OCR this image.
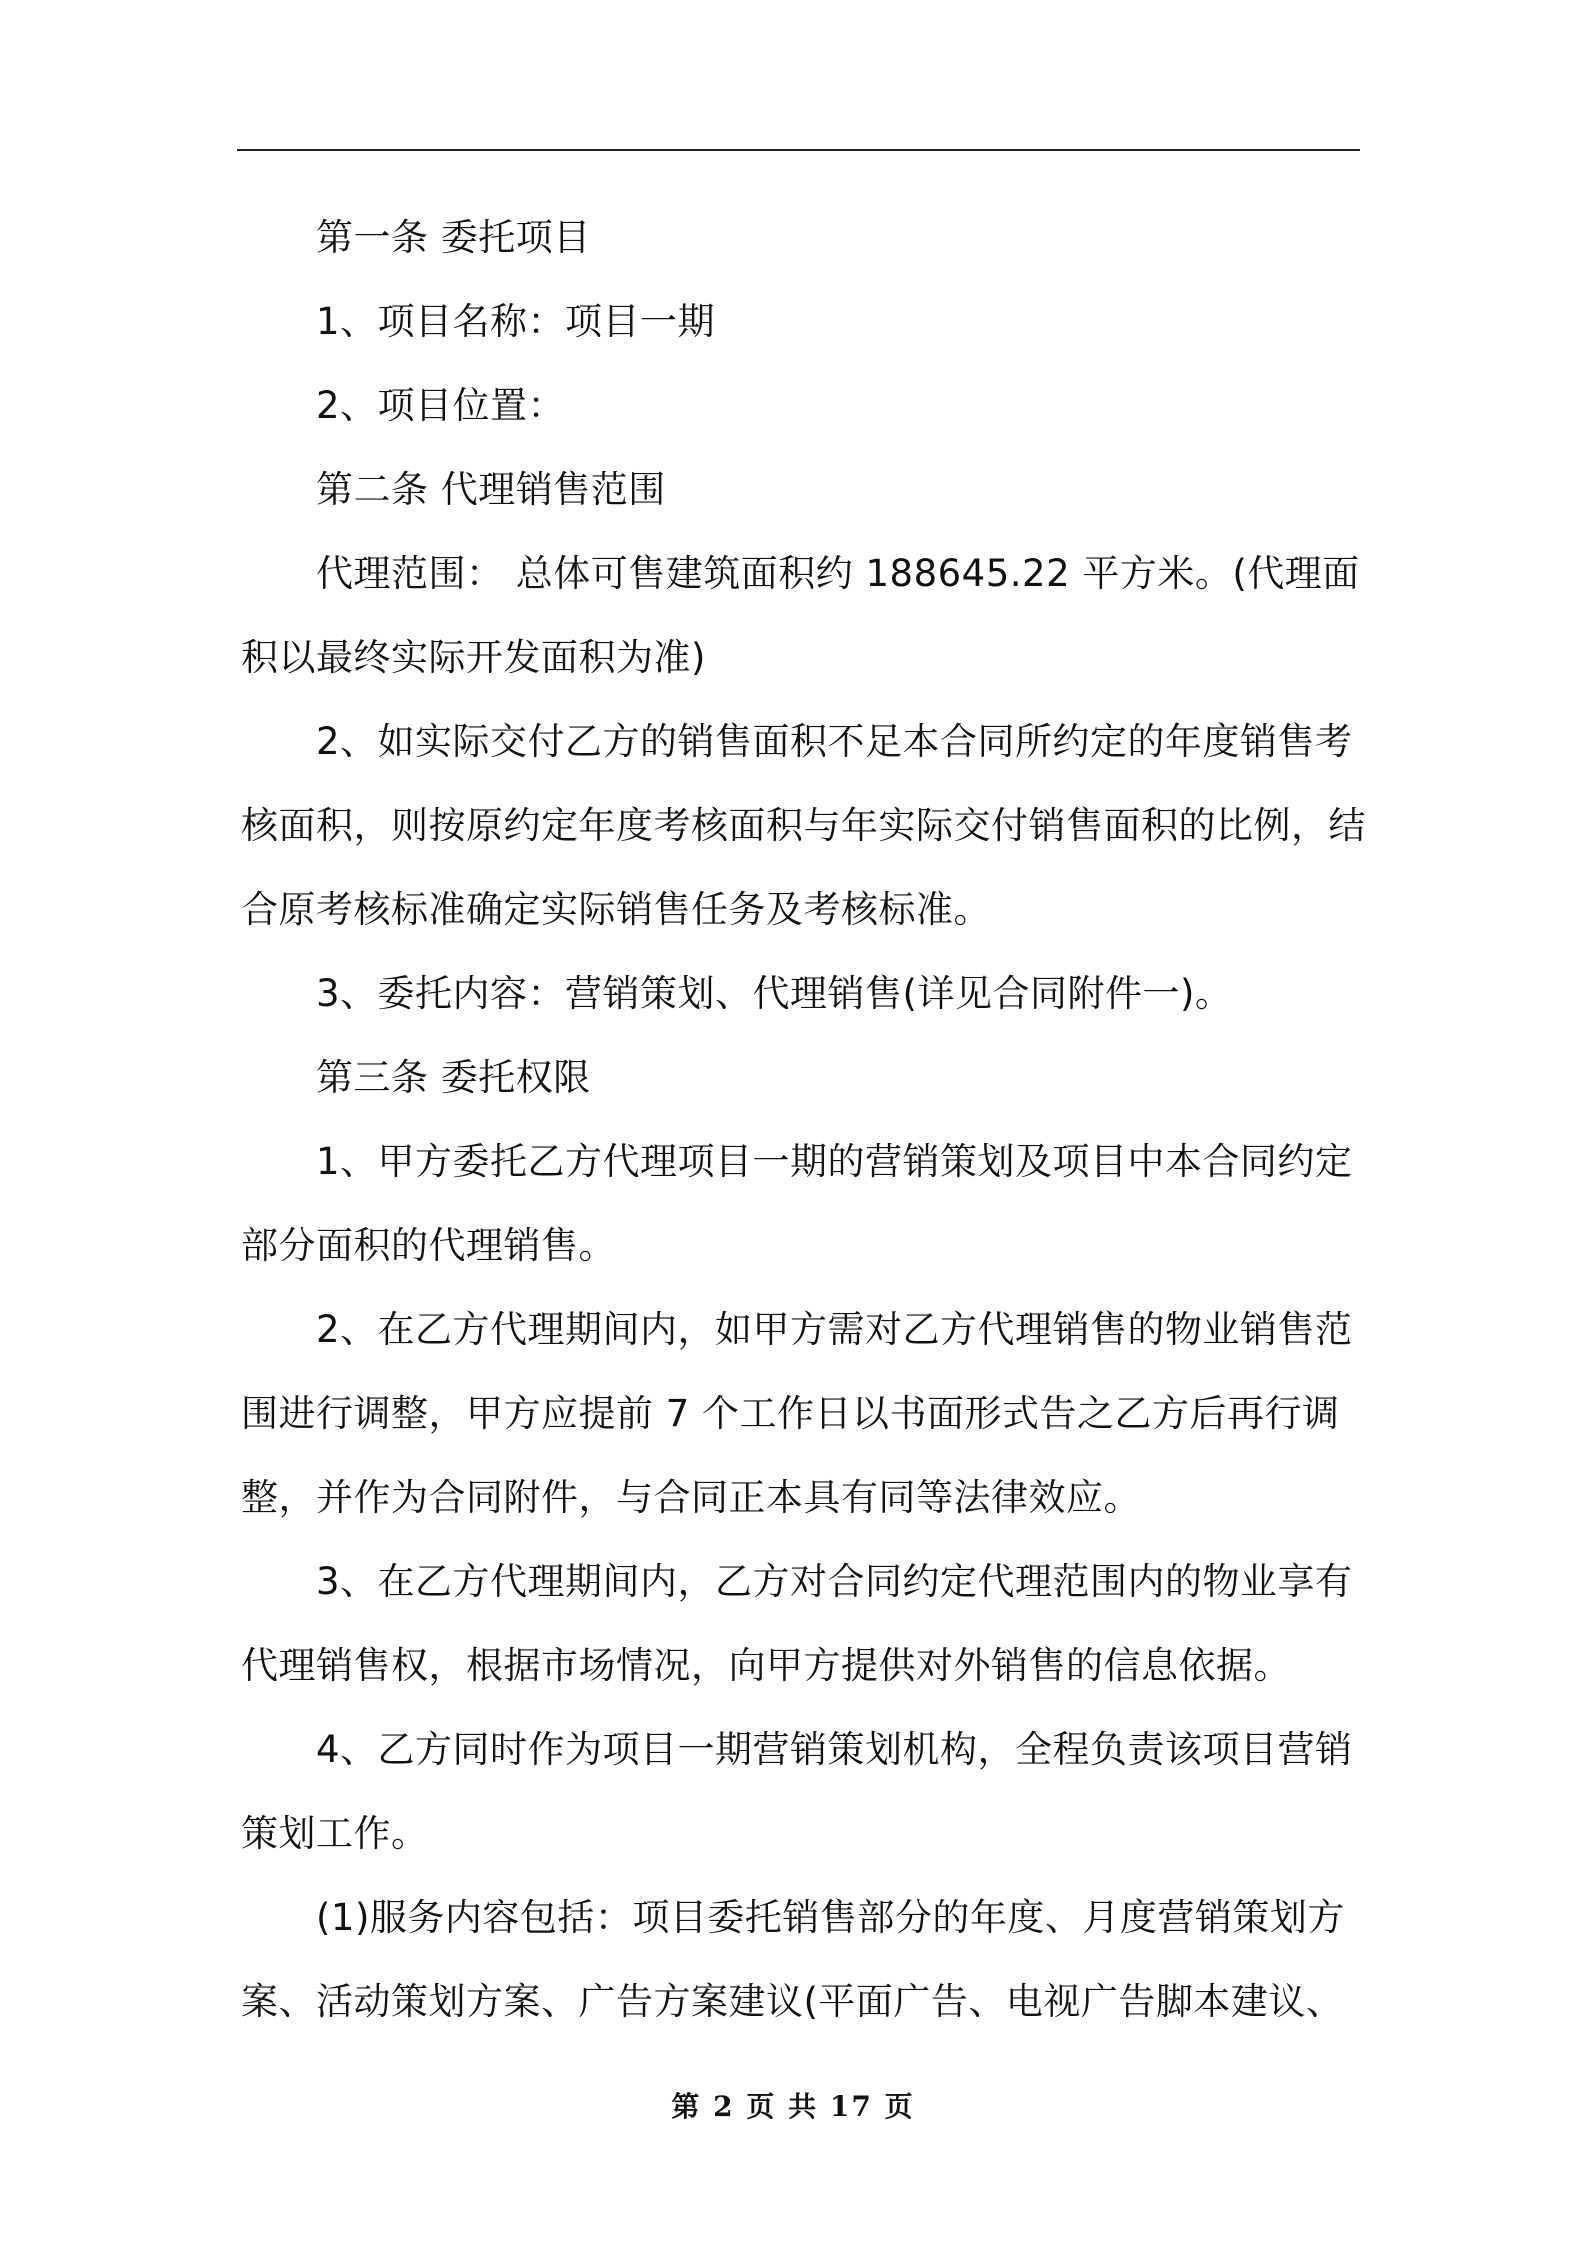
第一条 委托项目

1、项目名称：项目一期

2、项目位置：

第二条 代理销售范围

代理范围： 总体可售建筑面积约 188645.22 平方米。(代理面积以最终实际开发面积为准)

2、如实际交付乙方的销售面积不足本合同所约定的年度销售考核面积，则按原约定年度考核面积与年实际交付销售面积的比例，结合原考核标准确定实际销售任务及考核标准。

3、委托内容：营销策划、代理销售(详见合同附件一)。

第三条 委托权限

1、甲方委托乙方代理项目一期的营销策划及项目中本合同约定部分面积的代理销售。

2、在乙方代理期间内，如甲方需对乙方代理销售的物业销售范围进行调整，甲方应提前 7 个工作日以书面形式告之乙方后再行调整，并作为合同附件，与合同正本具有同等法律效应。

3、在乙方代理期间内，乙方对合同约定代理范围内的物业享有代理销售权，根据市场情况，向甲方提供对外销售的信息依据。

4、乙方同时作为项目一期营销策划机构，全程负责该项目营销策划工作。

(1)服务内容包括：项目委托销售部分的年度、月度营销策划方案、活动策划方案、广告方案建议(平面广告、电视广告脚本建议、

第 2 页 共 17 页
